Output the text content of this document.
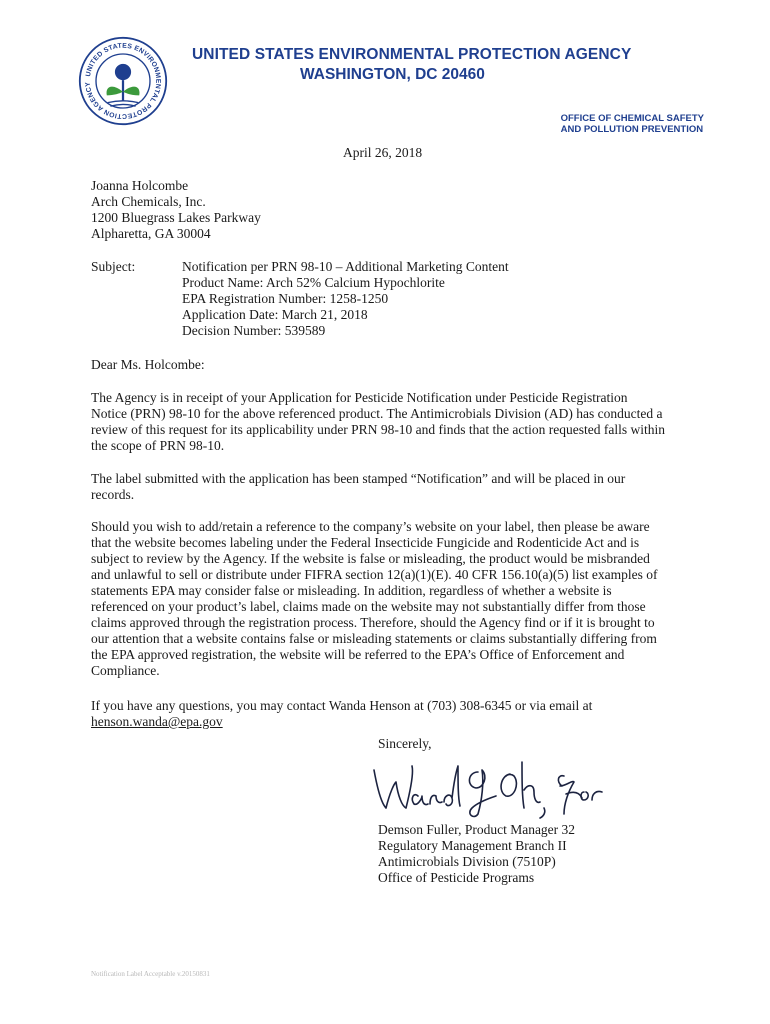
UNITED STATES ENVIRONMENTAL PROTECTION AGENCY
UNITED STATES ENVIRONMENTAL PROTECTION AGENCY
WASHINGTON, DC 20460
OFFICE OF CHEMICAL SAFETY
AND POLLUTION PREVENTION
April 26, 2018
Joanna Holcombe
Arch Chemicals, Inc.
1200 Bluegrass Lakes Parkway
Alpharetta, GA 30004
Subject:	Notification per PRN 98-10 – Additional Marketing Content
Product Name: Arch 52% Calcium Hypochlorite
EPA Registration Number: 1258-1250
Application Date: March 21, 2018
Decision Number: 539589
Dear Ms. Holcombe:
The Agency is in receipt of your Application for Pesticide Notification under Pesticide Registration
Notice (PRN) 98-10 for the above referenced product. The Antimicrobials Division (AD) has conducted a
review of this request for its applicability under PRN 98-10 and finds that the action requested falls within
the scope of PRN 98-10.
The label submitted with the application has been stamped “Notification” and will be placed in our
records.
Should you wish to add/retain a reference to the company’s website on your label, then please be aware
that the website becomes labeling under the Federal Insecticide Fungicide and Rodenticide Act and is
subject to review by the Agency. If the website is false or misleading, the product would be misbranded
and unlawful to sell or distribute under FIFRA section 12(a)(1)(E). 40 CFR 156.10(a)(5) list examples of
statements EPA may consider false or misleading. In addition, regardless of whether a website is
referenced on your product’s label, claims made on the website may not substantially differ from those
claims approved through the registration process. Therefore, should the Agency find or if it is brought to
our attention that a website contains false or misleading statements or claims substantially differing from
the EPA approved registration, the website will be referred to the EPA’s Office of Enforcement and
Compliance.
If you have any questions, you may contact Wanda Henson at (703) 308-6345 or via email at
henson.wanda@epa.gov
Sincerely,
Demson Fuller, Product Manager 32
Regulatory Management Branch II
Antimicrobials Division (7510P)
Office of Pesticide Programs
Notification Label Acceptable v.20150831
